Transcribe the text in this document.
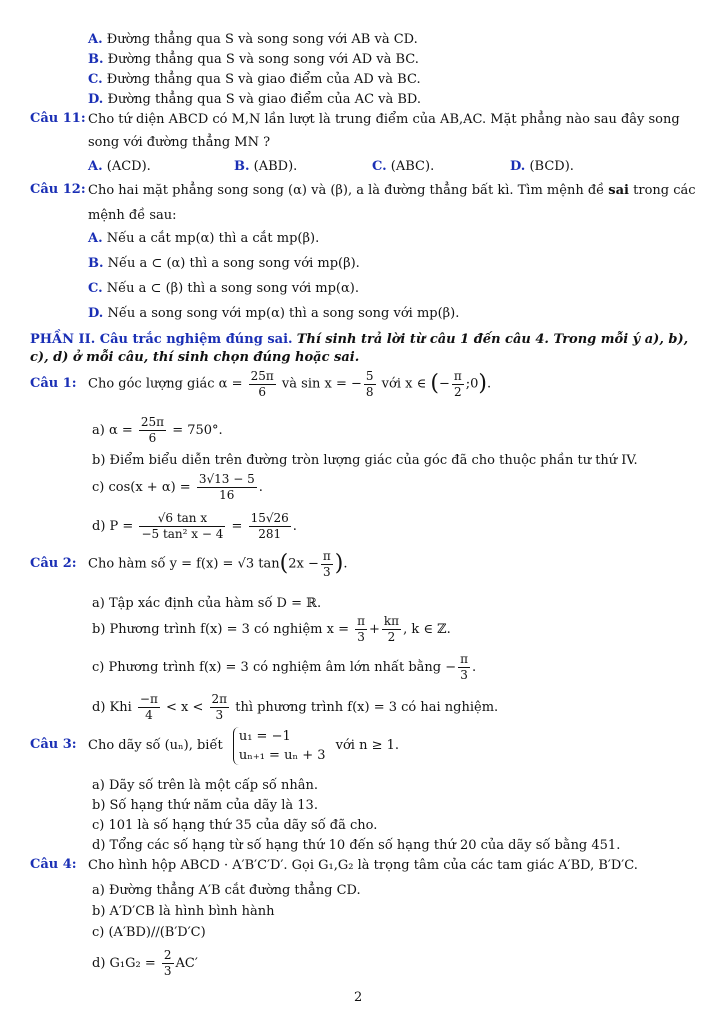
A. Đường thẳng qua S và song song với AB và CD.
B. Đường thẳng qua S và song song với AD và BC.
C. Đường thẳng qua S và giao điểm của AD và BC.
D. Đường thẳng qua S và giao điểm của AC và BD.
Câu 11: Cho tứ diện ABCD có M,N lần lượt là trung điểm của AB,AC. Mặt phẳng nào sau đây song
song với đường thẳng MN ?
A. (ACD).	B. (ABD).	C. (ABC).	D. (BCD).
Câu 12: Cho hai mặt phẳng song song (α) và (β), a là đường thẳng bất kì. Tìm mệnh đề sai trong các
mệnh đề sau:
A. Nếu a cắt mp(α) thì a cắt mp(β).
B. Nếu a ⊂ (α) thì a song song với mp(β).
C. Nếu a ⊂ (β) thì a song song với mp(α).
D. Nếu a song song với mp(α) thì a song song với mp(β).
PHẦN II. Câu trắc nghiệm đúng sai. Thí sinh trả lời từ câu 1 đến câu 4. Trong mỗi ý a), b), c), d) ở mỗi câu, thí sinh chọn đúng hoặc sai.
Câu 1: Cho góc lượng giác $\alpha = \frac{25\pi}{6}$ và sin x = − $\frac{5}{8}$ với x ∈ (− $\frac{\pi}{2}$ ;0).
a) $\alpha = \frac{25\pi}{6} = 750^\circ$.
b) Điểm biểu diễn trên đường tròn lượng giác của góc đã cho thuộc phần tư thứ IV.
c) $\cos(x + \alpha) = \frac{3√13 - 5}{16}$ .
d) $P = \frac{\text{√6 tan x}}{\text{−5 tan² x − 4}} = \frac{15√26}{281}$ .
Câu 2: Cho hàm số y = f(x) = √3 $\tan(2x - \frac{\pi}{3}$ ).
a) Tập xác định của hàm số D = ℝ.
b) Phương trình f(x) = 3 có nghiệm $x = \frac{\pi}{3} + \frac{k\pi}{2}$ , k ∈ ℤ.
c) Phương trình f(x) = 3 có nghiệm âm lớn nhất bằng − $\frac{\pi}{3}$ .
d) Khi $\frac{-\pi}{4} < x < \frac{2\pi}{3}$ thì phương trình f(x) = 3 có hai nghiệm.
Câu 3: Cho dãy số (uₙ), biết
u₁ = −1
uₙ₊₁ = uₙ + 3
với n ≥ 1.
a) Dãy số trên là một cấp số nhân.
b) Số hạng thứ năm của dãy là 13.
c) 101 là số hạng thứ 35 của dãy số đã cho.
d) Tổng các số hạng từ số hạng thứ 10 đến số hạng thứ 20 của dãy số bằng 451.
Câu 4: Cho hình hộp ABCD · A′B′C′D′. Gọi G₁,G₂ là trọng tâm của các tam giác A′BD, B′D′C.
a) Đường thẳng A′B cắt đường thẳng CD.
b) A′D′CB là hình bình hành
c) (A′BD)//(B′D′C)
d) $G_1G_2 = \frac{2}{3} AC'$
2
